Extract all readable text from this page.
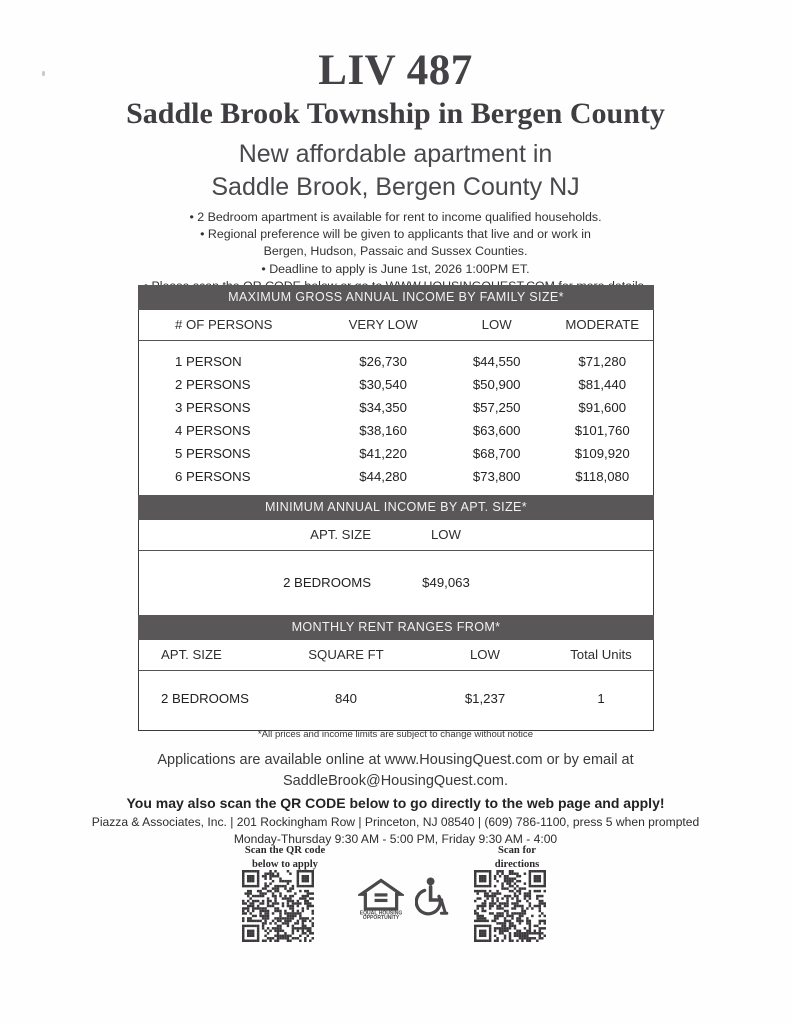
LIV 487
Saddle Brook Township in Bergen County
New affordable apartment in
Saddle Brook, Bergen County NJ
• 2 Bedroom apartment is available for rent to income qualified households.
• Regional preference will be given to applicants that live and or work in
Bergen, Hudson, Passaic and Sussex Counties.
• Deadline to apply is June 1st, 2026 1:00PM ET.
MAXIMUM GROSS ANNUAL INCOME BY FAMILY SIZE*
# OF PERSONS	VERY LOW	LOW	MODERATE
1 PERSON	$26,730	$44,550	$71,280
2 PERSONS	$30,540	$50,900	$81,440
3 PERSONS	$34,350	$57,250	$91,600
4 PERSONS	$38,160	$63,600	$101,760
5 PERSONS	$41,220	$68,700	$109,920
6 PERSONS	$44,280	$73,800	$118,080
MINIMUM ANNUAL INCOME BY APT. SIZE*
APT. SIZE	LOW
2 BEDROOMS	$49,063
MONTHLY RENT RANGES FROM*
APT. SIZE	SQUARE FT	LOW	Total Units
2 BEDROOMS	840	$1,237	1
*All prices and income limits are subject to change without notice
Applications are available online at www.HousingQuest.com or by email at
SaddleBrook@HousingQuest.com.
You may also scan the QR CODE below to go directly to the web page and apply!
Piazza & Associates, Inc. | 201 Rockingham Row | Princeton, NJ 08540 | (609) 786-1100, press 5 when prompted
Monday-Thursday 9:30 AM - 5:00 PM, Friday 9:30 AM - 4:00
Scan the QR code
below to apply
Scan for
directions
EQUAL HOUSING
OPPORTUNITY
